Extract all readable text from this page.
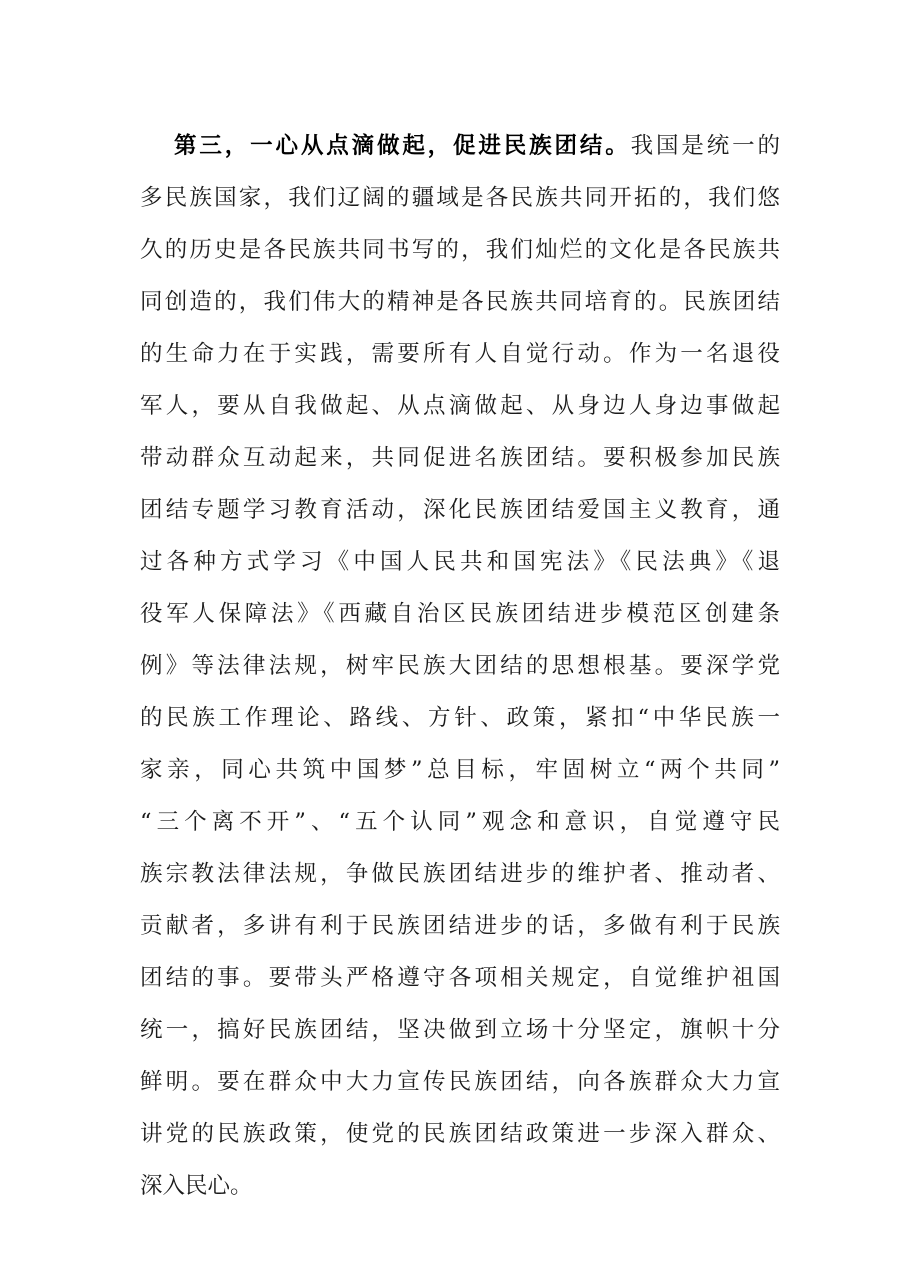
第三，一心从点滴做起，促进民族团结。我国是统一的
多民族国家，我们辽阔的疆域是各民族共同开拓的，我们悠
久的历史是各民族共同书写的，我们灿烂的文化是各民族共
同创造的，我们伟大的精神是各民族共同培育的。民族团结
的生命力在于实践，需要所有人自觉行动。作为一名退役
军人，要从自我做起、从点滴做起、从身边人身边事做起
带动群众互动起来，共同促进名族团结。要积极参加民族
团结专题学习教育活动，深化民族团结爱国主义教育，通
过各种方式学习《中国人民共和国宪法》《民法典》《退
役军人保障法》《西藏自治区民族团结进步模范区创建条
例》等法律法规，树牢民族大团结的思想根基。要深学党
的民族工作理论、路线、方针、政策，紧扣“中华民族一
家亲，同心共筑中国梦”总目标，牢固树立“两个共同”
“三个离不开”、“五个认同”观念和意识，自觉遵守民
族宗教法律法规，争做民族团结进步的维护者、推动者、
贡献者，多讲有利于民族团结进步的话，多做有利于民族
团结的事。要带头严格遵守各项相关规定，自觉维护祖国
统一，搞好民族团结，坚决做到立场十分坚定，旗帜十分
鲜明。要在群众中大力宣传民族团结，向各族群众大力宣
讲党的民族政策，使党的民族团结政策进一步深入群众、
深入民心。
